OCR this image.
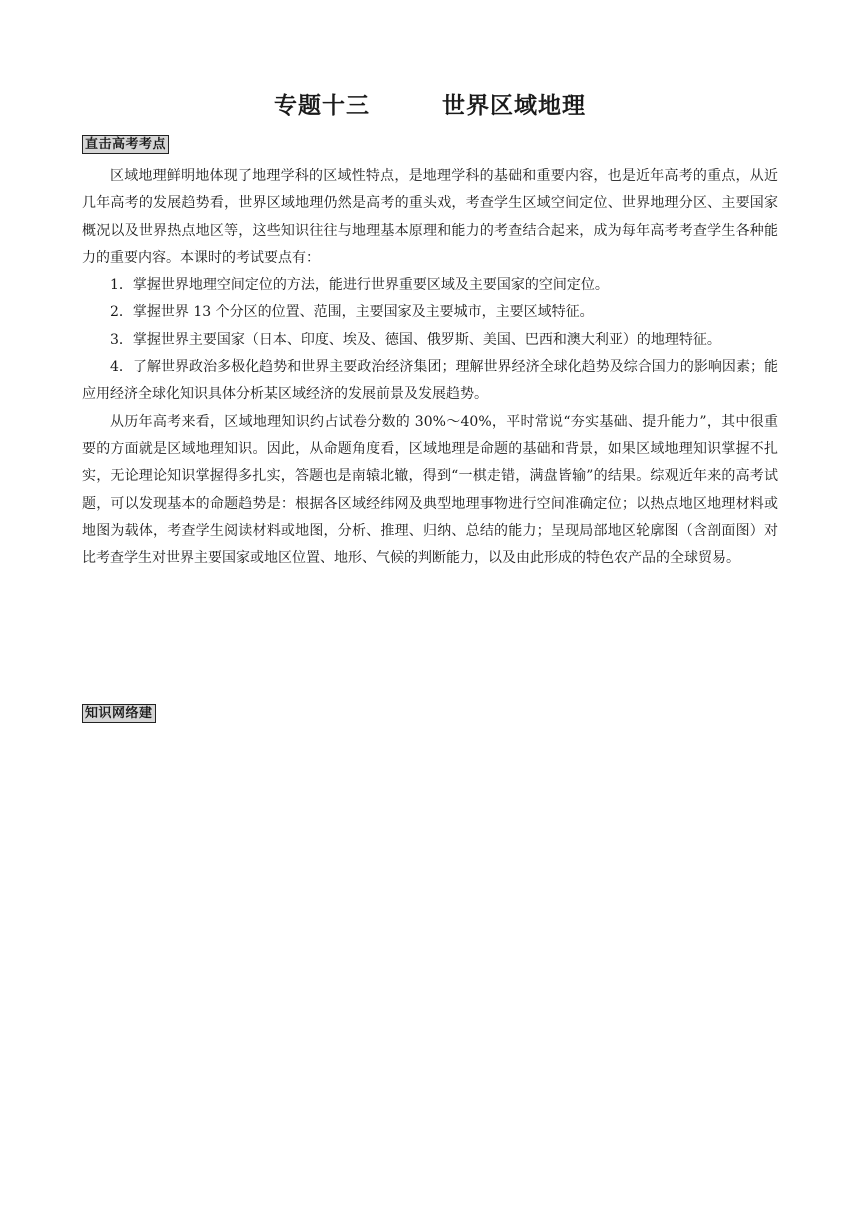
专题十三        世界区域地理
直击高考考点

区域地理鲜明地体现了地理学科的区域性特点，是地理学科的基础和重要内容，也是近年高考的重点，从近几年高考的发展趋势看，世界区域地理仍然是高考的重头戏，考查学生区域空间定位、世界地理分区、主要国家概况以及世界热点地区等，这些知识往往与地理基本原理和能力的考查结合起来，成为每年高考考查学生各种能力的重要内容。本课时的考试要点有：

1．掌握世界地理空间定位的方法，能进行世界重要区域及主要国家的空间定位。

2．掌握世界 13 个分区的位置、范围，主要国家及主要城市，主要区域特征。

3．掌握世界主要国家（日本、印度、埃及、德国、俄罗斯、美国、巴西和澳大利亚）的地理特征。

4．了解世界政治多极化趋势和世界主要政治经济集团；理解世界经济全球化趋势及综合国力的影响因素；能应用经济全球化知识具体分析某区域经济的发展前景及发展趋势。

从历年高考来看，区域地理知识约占试卷分数的 30%～40%，平时常说“夯实基础、提升能力”，其中很重要的方面就是区域地理知识。因此，从命题角度看，区域地理是命题的基础和背景，如果区域地理知识掌握不扎实，无论理论知识掌握得多扎实，答题也是南辕北辙，得到“一棋走错，满盘皆输”的结果。综观近年来的高考试题，可以发现基本的命题趋势是：根据各区域经纬网及典型地理事物进行空间准确定位；以热点地区地理材料或地图为载体，考查学生阅读材料或地图，分析、推理、归纳、总结的能力；呈现局部地区轮廓图（含剖面图）对比考查学生对世界主要国家或地区位置、地形、气候的判断能力，以及由此形成的特色农产品的全球贸易。

知识网络建
